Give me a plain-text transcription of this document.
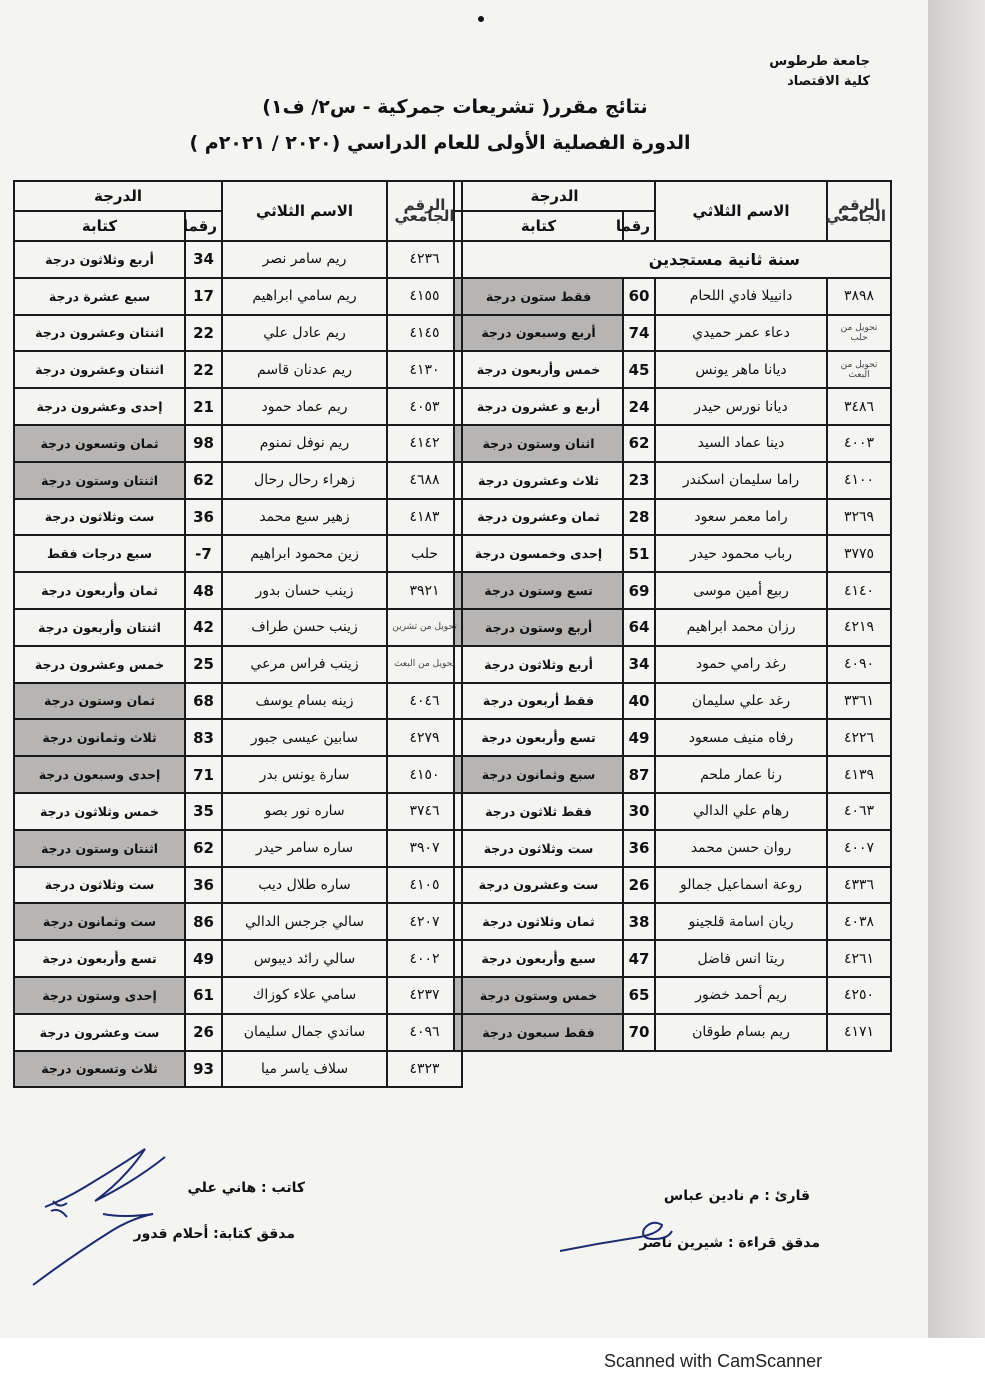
جامعة طرطوس
كلية الاقتصاد
نتائج مقرر( تشريعات جمركية - س٢/ ف١)
الدورة الفصلية الأولى للعام الدراسي (٢٠٢٠ / ٢٠٢١م )
الرقم الجامعي	الاسم الثلاثي	الدرجة	
		رقما	كتابة
سنة ثانية مستجدين			
٣٨٩٨	دانييلا فادي اللحام	60	فقط ستون درجة
تحويل من حلب	دعاء عمر حميدي	74	أربع وسبعون درجة
تحويل من البعث	ديانا ماهر يونس	45	خمس وأربعون درجة
٣٤٨٦	ديانا نورس حيدر	24	أربع و عشرون درجة
٤٠٠٣	دينا عماد السيد	62	اثنان وستون درجة
٤١٠٠	راما سليمان اسكندر	23	ثلاث وعشرون درجة
٣٢٦٩	راما معمر سعود	28	ثمان وعشرون درجة
٣٧٧٥	رباب محمود حيدر	51	إحدى وخمسون درجة
٤١٤٠	ربيع أمين موسى	69	تسع وستون درجة
٤٢١٩	رزان محمد ابراهيم	64	أربع وستون درجة
٤٠٩٠	رغد رامي حمود	34	أربع وثلاثون درجة
٣٣٦١	رغد علي سليمان	40	فقط أربعون درجة
٤٢٢٦	رفاه منيف مسعود	49	تسع وأربعون درجة
٤١٣٩	رنا عمار ملحم	87	سبع وثمانون درجة
٤٠٦٣	رهام علي الدالي	30	فقط ثلاثون درجة
٤٠٠٧	روان حسن محمد	36	ست وثلاثون درجة
٤٣٣٦	روعة اسماعيل جمالو	26	ست وعشرون درجة
٤٠٣٨	ريان اسامة قلجينو	38	ثمان وثلاثون درجة
٤٢٦١	ريتا انس فاضل	47	سبع وأربعون درجة
٤٢٥٠	ريم أحمد خضور	65	خمس وستون درجة
٤١٧١	ريم بسام طوقان	70	فقط سبعون درجة
الرقم الجامعي	الاسم الثلاثي	الدرجة	
		رقما	كتابة
٤٢٣٦	ريم سامر نصر	34	أربع وثلاثون درجة
٤١٥٥	ريم سامي ابراهيم	17	سبع عشرة درجة
٤١٤٥	ريم عادل علي	22	اثنتان وعشرون درجة
٤١٣٠	ريم عدنان قاسم	22	اثنتان وعشرون درجة
٤٠٥٣	ريم عماد حمود	21	إحدى وعشرون درجة
٤١٤٢	ريم نوفل نمنوم	98	ثمان وتسعون درجة
٤٦٨٨	زهراء رحال رحال	62	اثنتان وستون درجة
٤١٨٣	زهير سبع محمد	36	ست وثلاثون درجة
حلب	زين محمود ابراهيم	7-	سبع درجات فقط
٣٩٢١	زينب حسان بدور	48	ثمان وأربعون درجة
تحويل من تشرين	زينب حسن طراف	42	اثنتان وأربعون درجة
تحويل من البعث	زينب فراس مرعي	25	خمس وعشرون درجة
٤٠٤٦	زينه بسام يوسف	68	ثمان وستون درجة
٤٢٧٩	سابين عيسى جبور	83	ثلاث وثمانون درجة
٤١٥٠	سارة يونس بدر	71	إحدى وسبعون درجة
٣٧٤٦	ساره نور بصو	35	خمس وثلاثون درجة
٣٩٠٧	ساره سامر حيدر	62	اثنتان وستون درجة
٤١٠٥	ساره طلال ديب	36	ست وثلاثون درجة
٤٢٠٧	سالي جرجس الدالي	86	ست وثمانون درجة
٤٠٠٢	سالي رائد ديبوس	49	تسع وأربعون درجة
٤٢٣٧	سامي علاء كوزاك	61	إحدى وستون درجة
٤٠٩٦	ساندي جمال سليمان	26	ست وعشرون درجة
٤٣٢٣	سلاف ياسر ميا	93	ثلاث وتسعون درجة
كاتب : هاني علي
مدقق كتابة: أحلام قدور
قارئ : م نادين عباس
مدقق قراءة : شيرين ناصر
Scanned with CamScanner
